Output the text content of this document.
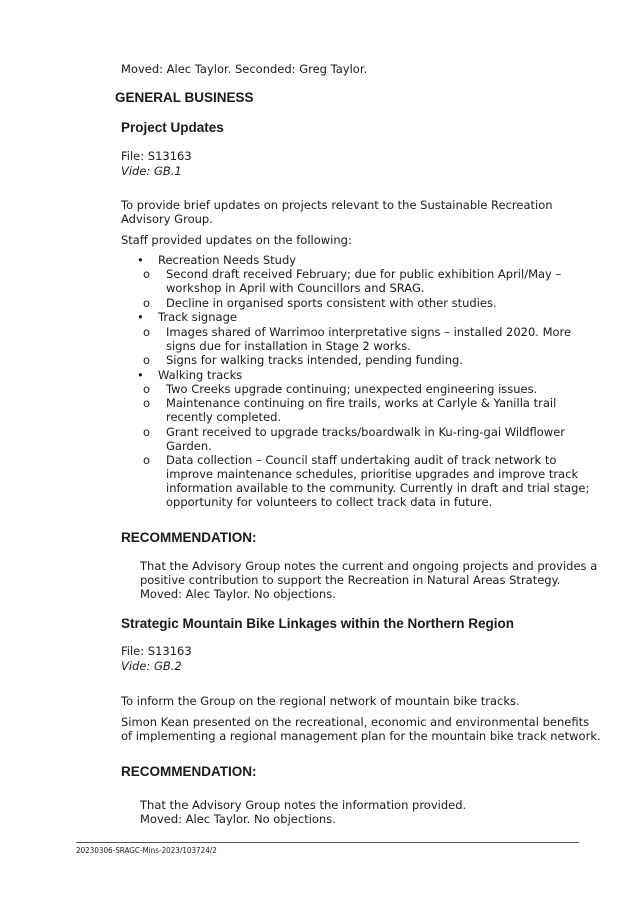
Moved: Alec Taylor. Seconded: Greg Taylor.

GENERAL BUSINESS
Project Updates

File: S13163

Vide: GB.1

To provide brief updates on projects relevant to the Sustainable Recreation

Advisory Group.

Staff provided updates on the following:

• Recreation Needs Study
o Second draft received February; due for public exhibition April/May –
workshop in April with Councillors and SRAG.
o Decline in organised sports consistent with other studies.
• Track signage
o Images shared of Warrimoo interpretative signs – installed 2020. More
signs due for installation in Stage 2 works.
o Signs for walking tracks intended, pending funding.
• Walking tracks
o Two Creeks upgrade continuing; unexpected engineering issues.
o Maintenance continuing on fire trails, works at Carlyle & Yanilla trail
recently completed.
o Grant received to upgrade tracks/boardwalk in Ku-ring-gai Wildflower
Garden.
o Data collection – Council staff undertaking audit of track network to
improve maintenance schedules, prioritise upgrades and improve track
information available to the community. Currently in draft and trial stage;
opportunity for volunteers to collect track data in future.
RECOMMENDATION:

That the Advisory Group notes the current and ongoing projects and provides a

positive contribution to support the Recreation in Natural Areas Strategy.

Moved: Alec Taylor. No objections.

Strategic Mountain Bike Linkages within the Northern Region

File: S13163

Vide: GB.2

To inform the Group on the regional network of mountain bike tracks.

Simon Kean presented on the recreational, economic and environmental benefits

of implementing a regional management plan for the mountain bike track network.

RECOMMENDATION:

That the Advisory Group notes the information provided.

Moved: Alec Taylor. No objections.

20230306-SRAGC-Mins-2023/103724/2
